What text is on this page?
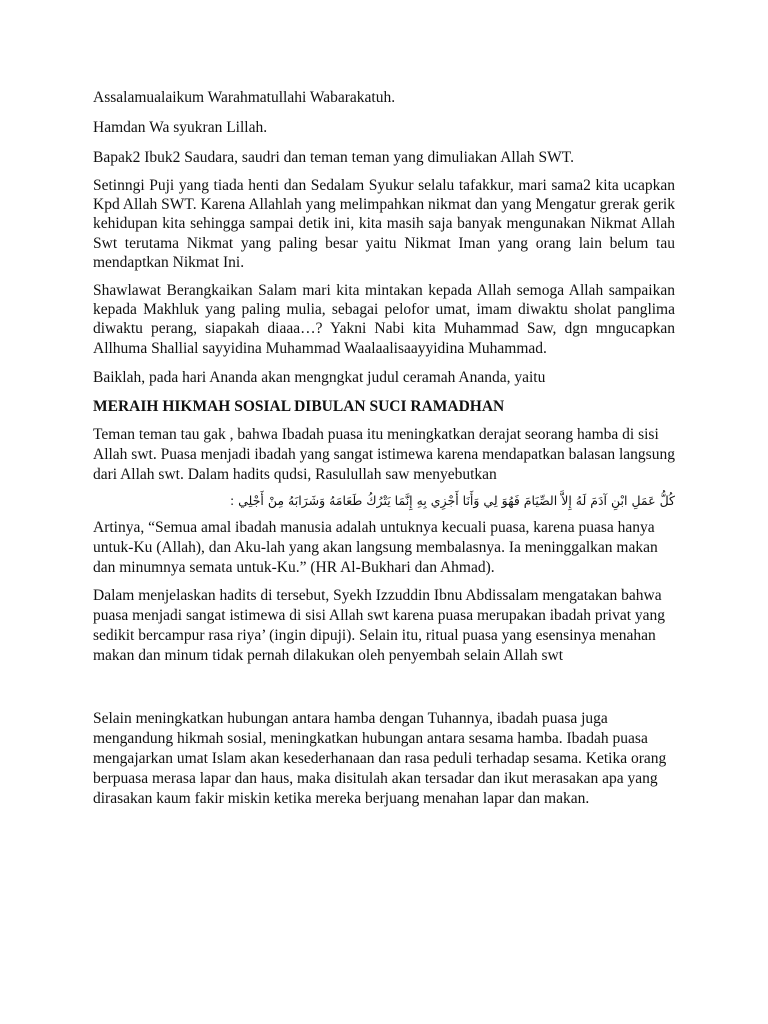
Assalamualaikum Warahmatullahi Wabarakatuh.

Hamdan Wa syukran Lillah.

Bapak2 Ibuk2 Saudara, saudri dan teman teman yang dimuliakan Allah SWT.

Setinngi Puji yang tiada henti dan Sedalam Syukur selalu tafakkur, mari sama2 kita ucapkan Kpd Allah SWT. Karena Allahlah yang melimpahkan nikmat dan yang Mengatur grerak gerik kehidupan kita sehingga sampai detik ini, kita masih saja banyak mengunakan Nikmat Allah Swt terutama Nikmat yang paling besar yaitu Nikmat Iman yang orang lain belum tau mendaptkan Nikmat Ini.

Shawlawat Berangkaikan Salam mari kita mintakan kepada Allah semoga Allah sampaikan kepada Makhluk yang paling mulia, sebagai pelofor umat, imam diwaktu sholat panglima diwaktu perang, siapakah diaaa…? Yakni Nabi kita Muhammad Saw, dgn mngucapkan Allhuma Shallial sayyidina Muhammad Waalaalisaayyidina Muhammad.

Baiklah, pada hari Ananda akan mengngkat judul ceramah Ananda, yaitu

MERAIH HIKMAH SOSIAL DIBULAN SUCI RAMADHAN

Teman teman tau gak , bahwa Ibadah puasa itu meningkatkan derajat seorang hamba di sisi Allah swt. Puasa menjadi ibadah yang sangat istimewa karena mendapatkan balasan langsung dari Allah swt. Dalam hadits qudsi, Rasulullah saw menyebutkan

كُلُّ عَمَلِ ابْنِ آدَمَ لَهُ إِلاَّ الصِّيَامَ فَهُوَ لِي وَأَنَا أَجْزِي بِهِ إِنَّمَا يَتْرُكُ طَعَامَهُ وَشَرَابَهُ مِنْ أَجْلِي :

Artinya, “Semua amal ibadah manusia adalah untuknya kecuali puasa, karena puasa hanya untuk-Ku (Allah), dan Aku-lah yang akan langsung membalasnya. Ia meninggalkan makan dan minumnya semata untuk-Ku.” (HR Al-Bukhari dan Ahmad).

Dalam menjelaskan hadits di tersebut, Syekh Izzuddin Ibnu Abdissalam mengatakan bahwa puasa menjadi sangat istimewa di sisi Allah swt karena puasa merupakan ibadah privat yang sedikit bercampur rasa riya’ (ingin dipuji). Selain itu, ritual puasa yang esensinya menahan makan dan minum tidak pernah dilakukan oleh penyembah selain Allah swt

Selain meningkatkan hubungan antara hamba dengan Tuhannya, ibadah puasa juga mengandung hikmah sosial, meningkatkan hubungan antara sesama hamba. Ibadah puasa mengajarkan umat Islam akan kesederhanaan dan rasa peduli terhadap sesama. Ketika orang berpuasa merasa lapar dan haus, maka disitulah akan tersadar dan ikut merasakan apa yang dirasakan kaum fakir miskin ketika mereka berjuang menahan lapar dan makan.
